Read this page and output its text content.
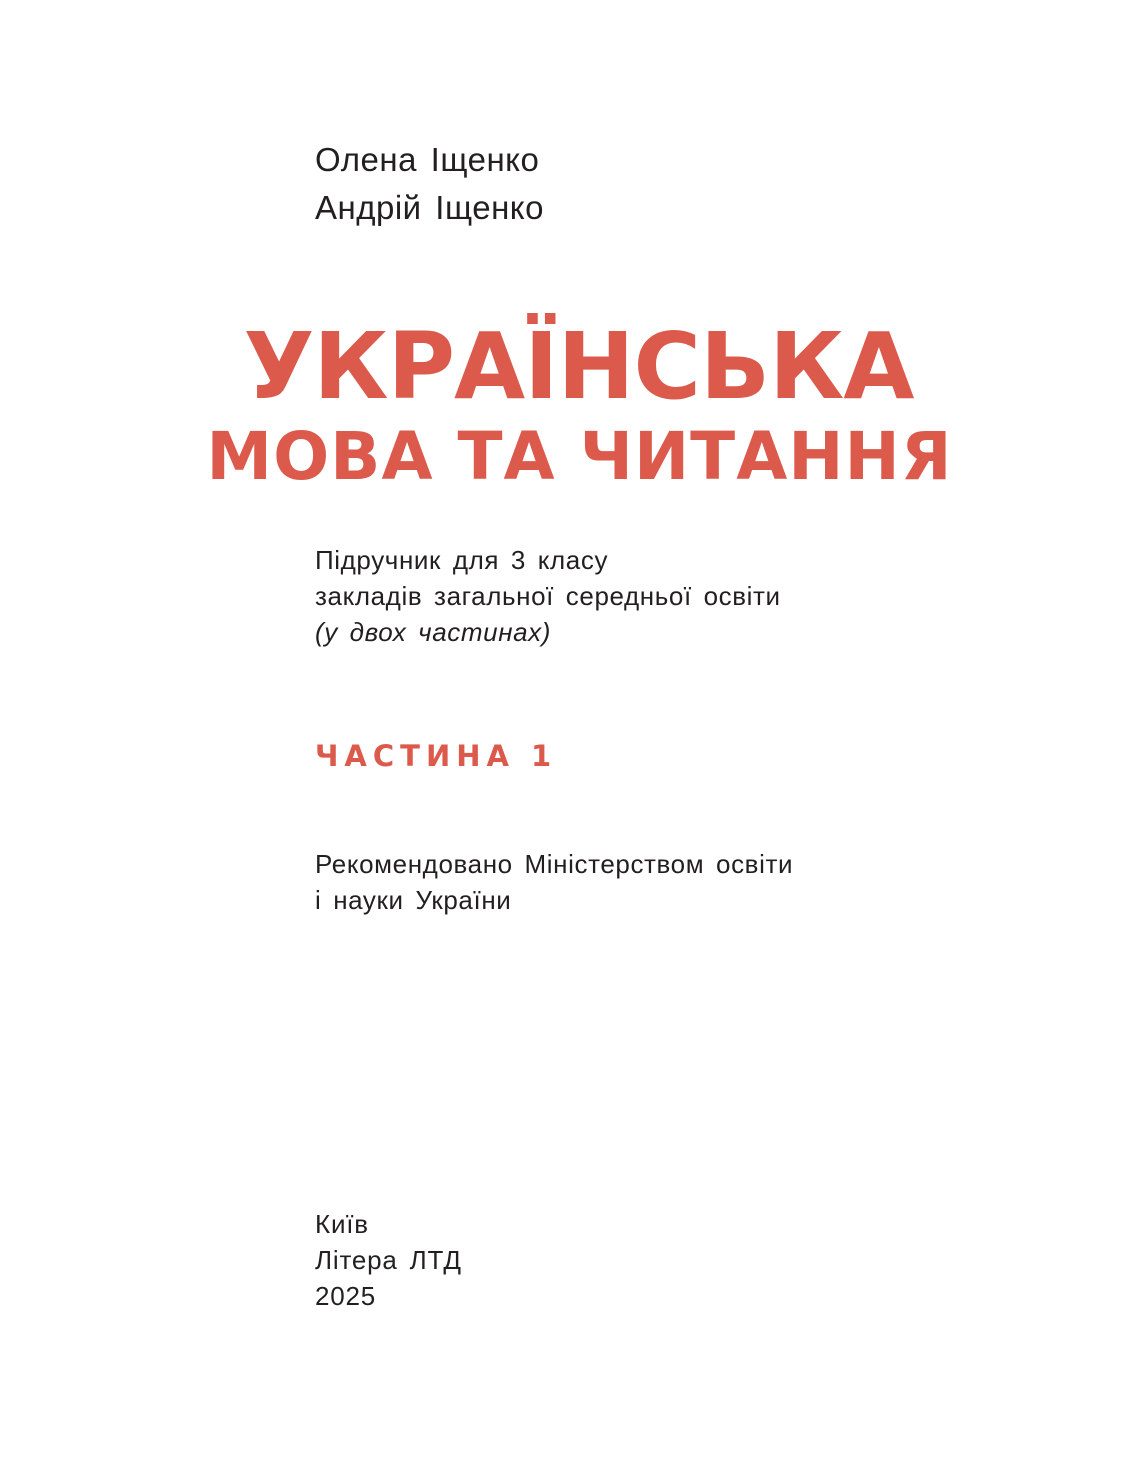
Олена Іщенко
Андрій Іщенко
УКРАЇНСЬКА
МОВА ТА ЧИТАННЯ
Підручник для 3 класу
закладів загальної середньої освіти
(у двох частинах)
ЧАСТИНА 1
Рекомендовано Міністерством освіти
і науки України
Київ
Літера ЛТД
2025
